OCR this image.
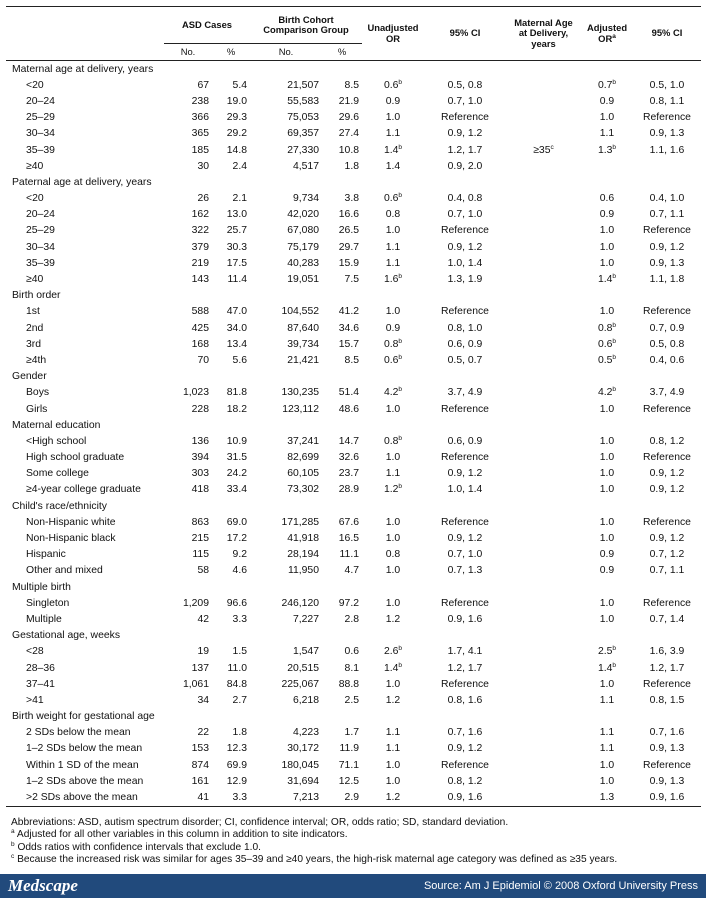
	ASD Cases		Birth Cohort Comparison Group		Unadjusted OR	95% CI	Maternal Age at Delivery, years	Adjusted $OR^a$	95% CI
	No.	%	No.	%					
Maternal age at delivery, years									
<20	67	5.4	21,507	8.5	0.6$^b$	0.5, 0.8		0.7$^b$	0.5, 1.0
20–24	238	19.0	55,583	21.9	0.9	0.7, 1.0		0.9	0.8, 1.1
25–29	366	29.3	75,053	29.6	1.0	Reference		1.0	Reference
30–34	365	29.2	69,357	27.4	1.1	0.9, 1.2		1.1	0.9, 1.3
35–39	185	14.8	27,330	10.8	1.4$^b$	1.2, 1.7	$\ge 35^c$	1.3$^b$	1.1, 1.6
≥40	30	2.4	4,517	1.8	1.4	0.9, 2.0			
Paternal age at delivery, years									
<20	26	2.1	9,734	3.8	0.6$^b$	0.4, 0.8		0.6	0.4, 1.0
20–24	162	13.0	42,020	16.6	0.8	0.7, 1.0		0.9	0.7, 1.1
25–29	322	25.7	67,080	26.5	1.0	Reference		1.0	Reference
30–34	379	30.3	75,179	29.7	1.1	0.9, 1.2		1.0	0.9, 1.2
35–39	219	17.5	40,283	15.9	1.1	1.0, 1.4		1.0	0.9, 1.3
≥40	143	11.4	19,051	7.5	1.6$^b$	1.3, 1.9		1.4$^b$	1.1, 1.8
Birth order									
1st	588	47.0	104,552	41.2	1.0	Reference		1.0	Reference
2nd	425	34.0	87,640	34.6	0.9	0.8, 1.0		0.8$^b$	0.7, 0.9
3rd	168	13.4	39,734	15.7	0.8$^b$	0.6, 0.9		0.6$^b$	0.5, 0.8
≥4th	70	5.6	21,421	8.5	0.6$^b$	0.5, 0.7		0.5$^b$	0.4, 0.6
Gender									
Boys	1,023	81.8	130,235	51.4	4.2$^b$	3.7, 4.9		4.2$^b$	3.7, 4.9
Girls	228	18.2	123,112	48.6	1.0	Reference		1.0	Reference
Maternal education									
<High school	136	10.9	37,241	14.7	0.8$^b$	0.6, 0.9		1.0	0.8, 1.2
High school graduate	394	31.5	82,699	32.6	1.0	Reference		1.0	Reference
Some college	303	24.2	60,105	23.7	1.1	0.9, 1.2		1.0	0.9, 1.2
≥4-year college graduate	418	33.4	73,302	28.9	1.2$^b$	1.0, 1.4		1.0	0.9, 1.2
Child's race/ethnicity									
Non-Hispanic white	863	69.0	171,285	67.6	1.0	Reference		1.0	Reference
Non-Hispanic black	215	17.2	41,918	16.5	1.0	0.9, 1.2		1.0	0.9, 1.2
Hispanic	115	9.2	28,194	11.1	0.8	0.7, 1.0		0.9	0.7, 1.2
Other and mixed	58	4.6	11,950	4.7	1.0	0.7, 1.3		0.9	0.7, 1.1
Multiple birth									
Singleton	1,209	96.6	246,120	97.2	1.0	Reference		1.0	Reference
Multiple	42	3.3	7,227	2.8	1.2	0.9, 1.6		1.0	0.7, 1.4
Gestational age, weeks									
<28	19	1.5	1,547	0.6	2.6$^b$	1.7, 4.1		2.5$^b$	1.6, 3.9
28–36	137	11.0	20,515	8.1	1.4$^b$	1.2, 1.7		1.4$^b$	1.2, 1.7
37–41	1,061	84.8	225,067	88.8	1.0	Reference		1.0	Reference
>41	34	2.7	6,218	2.5	1.2	0.8, 1.6		1.1	0.8, 1.5
Birth weight for gestational age									
2 SDs below the mean	22	1.8	4,223	1.7	1.1	0.7, 1.6		1.1	0.7, 1.6
1–2 SDs below the mean	153	12.3	30,172	11.9	1.1	0.9, 1.2		1.1	0.9, 1.3
Within 1 SD of the mean	874	69.9	180,045	71.1	1.0	Reference		1.0	Reference
1–2 SDs above the mean	161	12.9	31,694	12.5	1.0	0.8, 1.2		1.0	0.9, 1.3
>2 SDs above the mean	41	3.3	7,213	2.9	1.2	0.9, 1.6		1.3	0.9, 1.6
Abbreviations: ASD, autism spectrum disorder; CI, confidence interval; OR, odds ratio; SD, standard deviation.
$^a$ Adjusted for all other variables in this column in addition to site indicators.
$^b$ Odds ratios with confidence intervals that exclude 1.0.
$^c$ Because the increased risk was similar for ages 35–39 and ≥40 years, the high-risk maternal age category was defined as ≥35 years.
Medscape	Source: Am J Epidemiol © 2008 Oxford University Press
